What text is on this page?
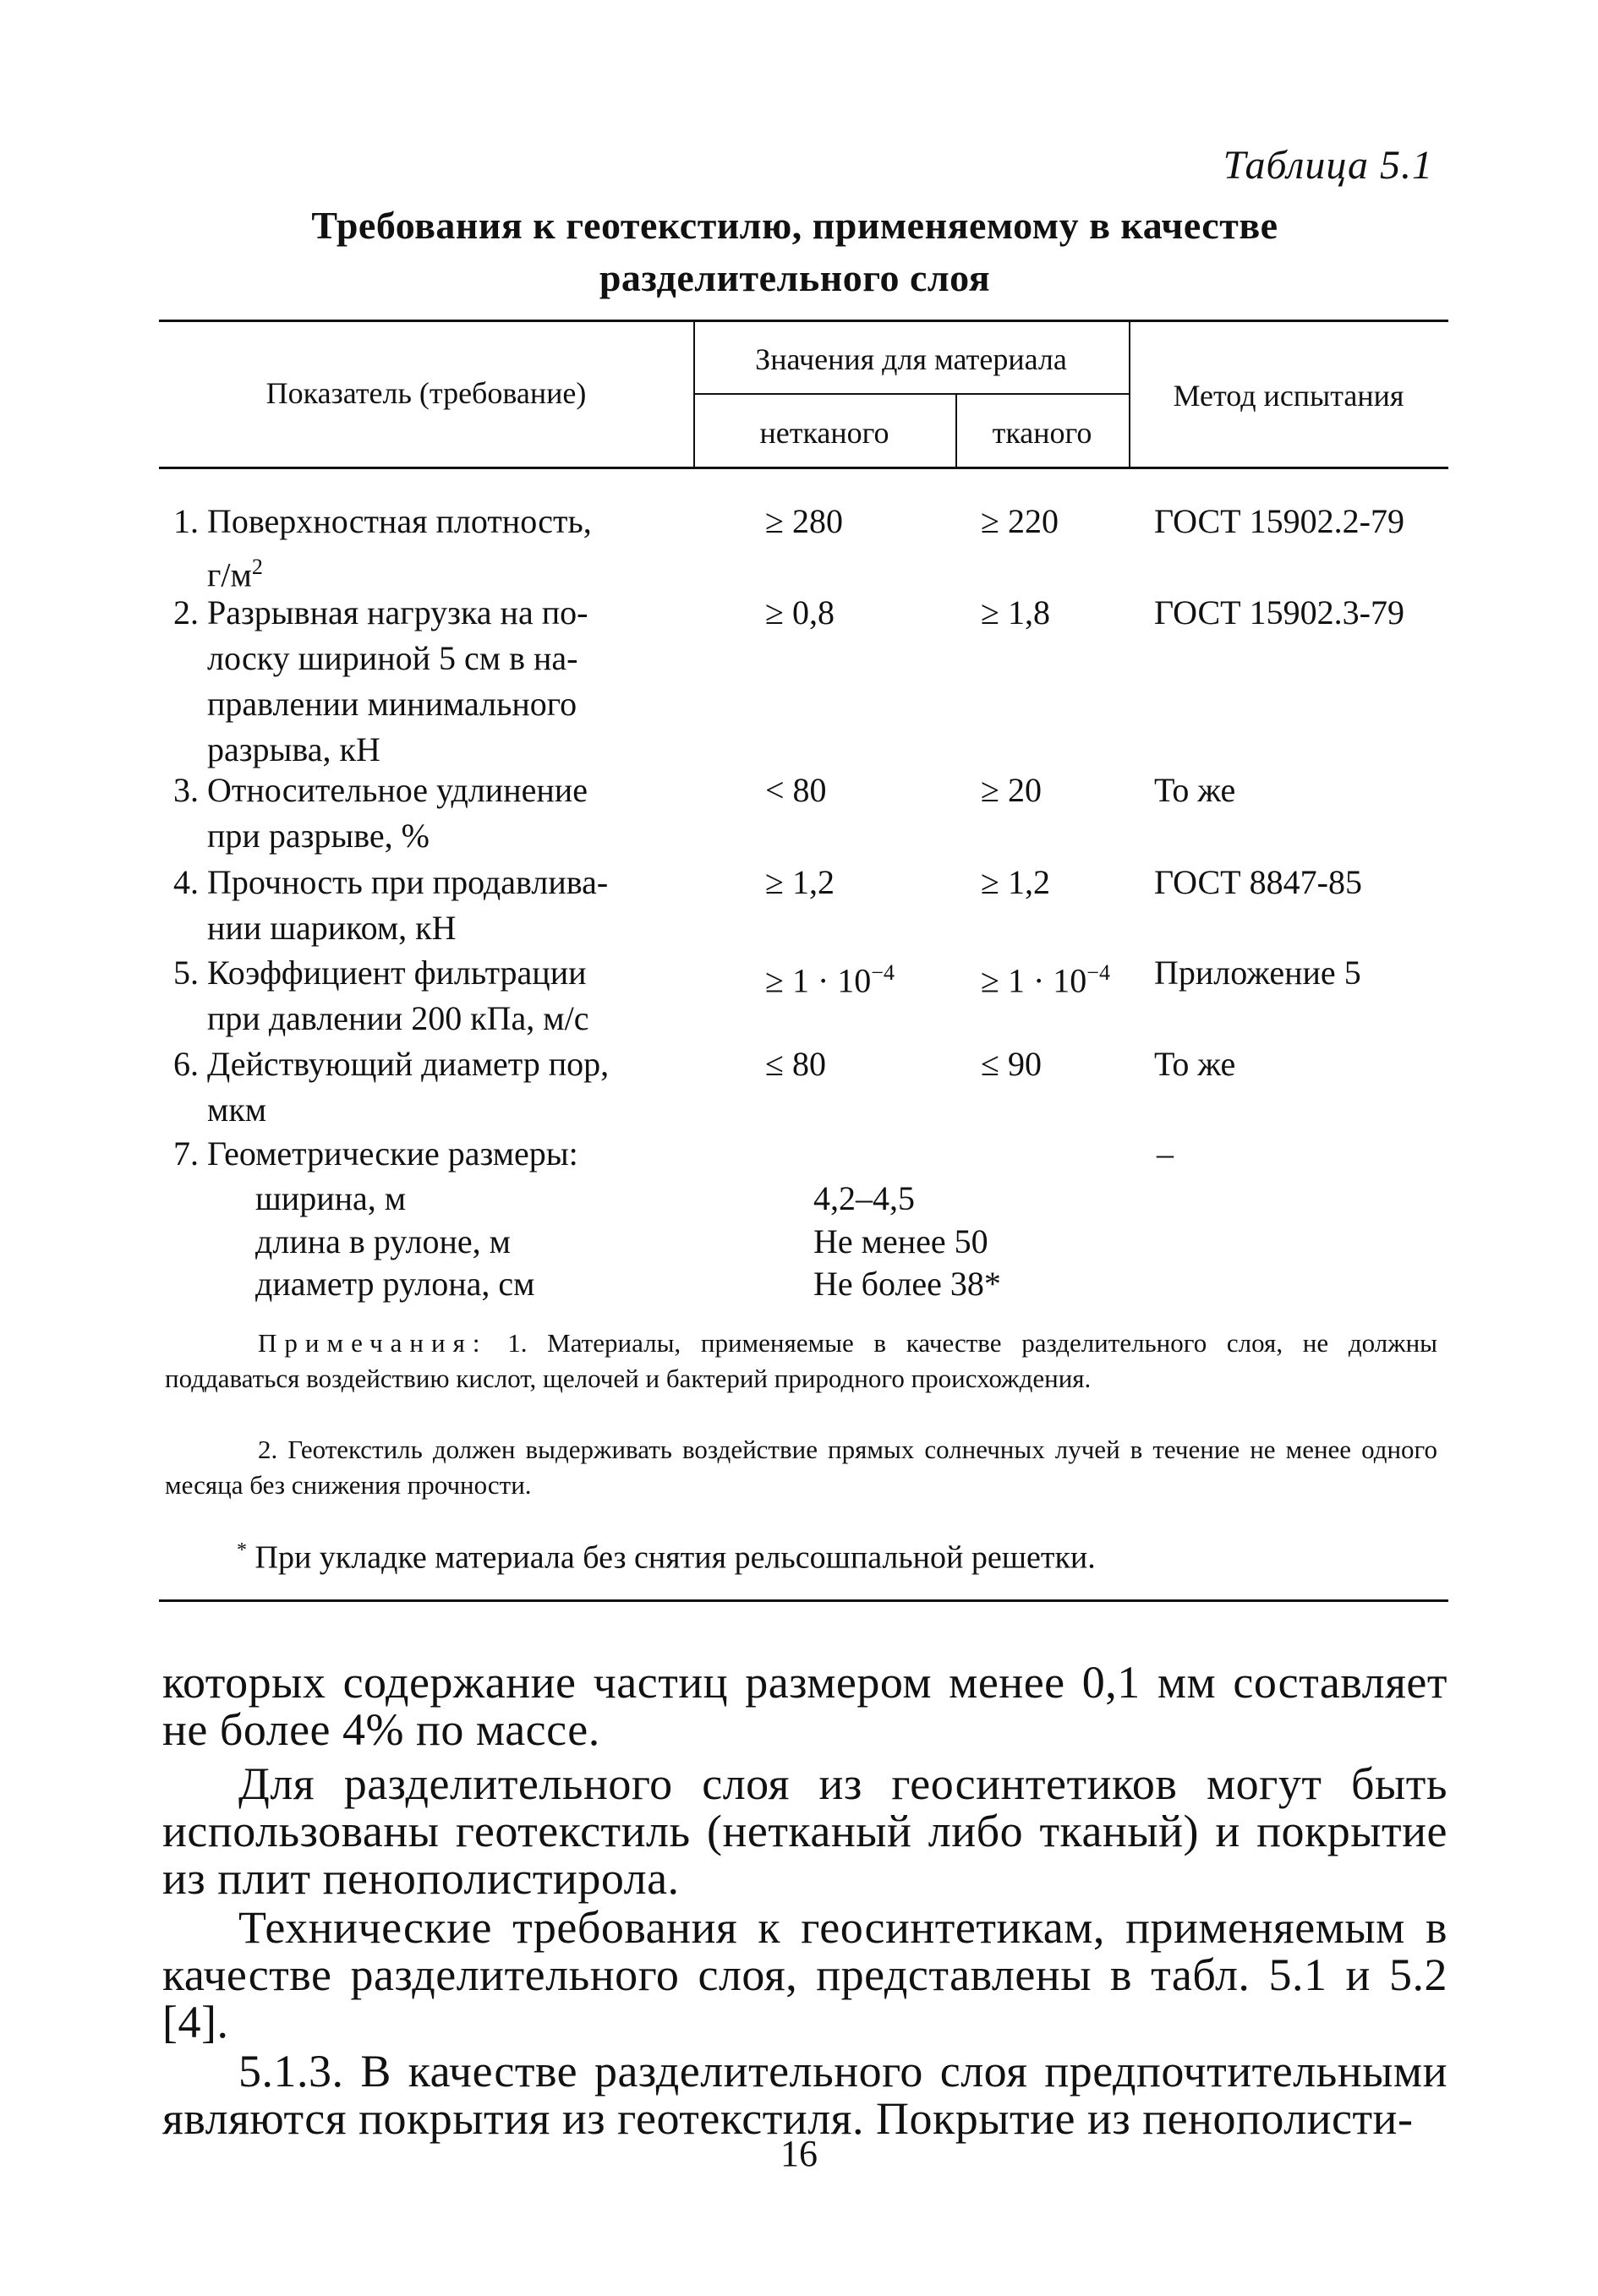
Таблица 5.1
Требования к геотекстилю, применяемому в качестве
разделительного слоя
Показатель (требование)
Значения для материала
нетканого	тканого
Метод испытания
1. Поверхностная плотность,
$г/м^2$
≥ 280	≥ 220	ГОСТ 15902.2-79
2. Разрывная нагрузка на по-
лоску шириной 5 см в на-
правлении минимального
разрыва, кН
≥ 0,8	≥ 1,8	ГОСТ 15902.3-79
3. Относительное удлинение
при разрыве, %
< 80	≥ 20	То же
4. Прочность при продавлива-
нии шариком, кН
≥ 1,2	≥ 1,2	ГОСТ 8847-85
5. Коэффициент фильтрации
при давлении 200 кПа, м/с
≥ $1 \cdot 10^{-4}$	≥ $1 \cdot 10^{-4}$ Приложение 5
6. Действующий диаметр пор,
мкм
≤ 80	≤ 90	То же
7. Геометрические размеры:	–
ширина, м	4,2–4,5
длина в рулоне, м	Не менее 50
диаметр рулона, см	Не более 38*
Примечания: 1. Материалы, применяемые в качестве разделительного слоя, не должны поддаваться воздействию кислот, щелочей и бактерий природного происхождения.
2. Геотекстиль должен выдерживать воздействие прямых солнечных лучей в течение не менее одного месяца без снижения прочности.
* При укладке материала без снятия рельсошпальной решетки.
которых содержание частиц размером менее 0,1 мм составляет не более 4% по массе.
Для разделительного слоя из геосинтетиков могут быть использованы геотекстиль (нетканый либо тканый) и покрытие из плит пенополистирола.
Технические требования к геосинтетикам, применяемым в качестве разделительного слоя, представлены в табл. 5.1 и 5.2 [4].
5.1.3. В качестве разделительного слоя предпочтительными являются покрытия из геотекстиля. Покрытие из пенополисти-
16
